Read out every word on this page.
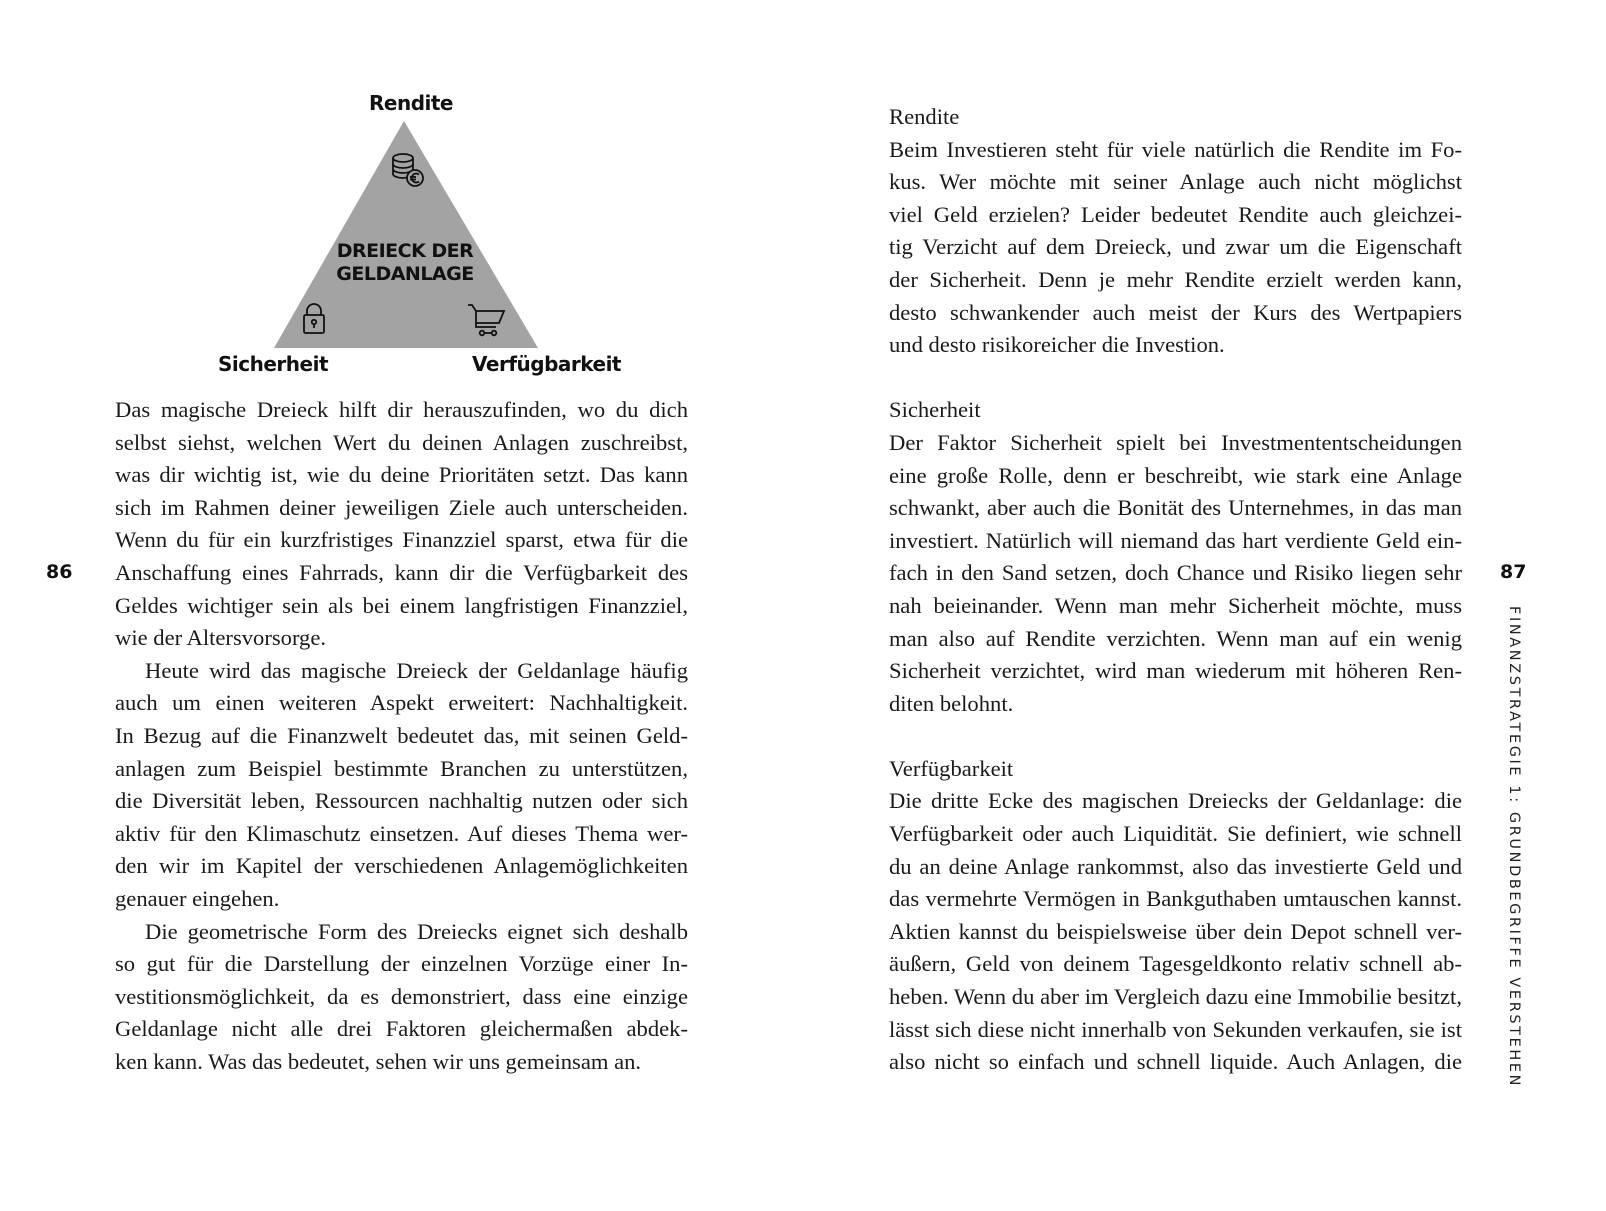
Rendite
DREIECK DER
GELDANLAGE
Sicherheit	Verfügbarkeit

Das magische Dreieck hilft dir herauszufinden, wo du dich
selbst siehst, welchen Wert du deinen Anlagen zuschreibst,
was dir wichtig ist, wie du deine Prioritäten setzt. Das kann
sich im Rahmen deiner jeweiligen Ziele auch unterscheiden.
Wenn du für ein kurzfristiges Finanzziel sparst, etwa für die
Anschaffung eines Fahrrads, kann dir die Verfügbarkeit des
Geldes wichtiger sein als bei einem langfristigen Finanzziel,
wie der Altersvorsorge.

Heute wird das magische Dreieck der Geldanlage häufig
auch um einen weiteren Aspekt erweitert: Nachhaltigkeit.
In Bezug auf die Finanzwelt bedeutet das, mit seinen Geld-
anlagen zum Beispiel bestimmte Branchen zu unterstützen,
die Diversität leben, Ressourcen nachhaltig nutzen oder sich
aktiv für den Klimaschutz einsetzen. Auf dieses Thema wer-
den wir im Kapitel der verschiedenen Anlagemöglichkeiten
genauer eingehen.

Die geometrische Form des Dreiecks eignet sich deshalb
so gut für die Darstellung der einzelnen Vorzüge einer In-
vestitionsmöglichkeit, da es demonstriert, dass eine einzige
Geldanlage nicht alle drei Faktoren gleichermaßen abdek-
ken kann. Was das bedeutet, sehen wir uns gemeinsam an.

86
Rendite
Beim Investieren steht für viele natürlich die Rendite im Fo-
kus. Wer möchte mit seiner Anlage auch nicht möglichst
viel Geld erzielen? Leider bedeutet Rendite auch gleichzei-
tig Verzicht auf dem Dreieck, und zwar um die Eigenschaft
der Sicherheit. Denn je mehr Rendite erzielt werden kann,
desto schwankender auch meist der Kurs des Wertpapiers
und desto risikoreicher die Investion.
Sicherheit
Der Faktor Sicherheit spielt bei Investmententscheidungen
eine große Rolle, denn er beschreibt, wie stark eine Anlage
schwankt, aber auch die Bonität des Unternehmes, in das man
investiert. Natürlich will niemand das hart verdiente Geld ein-
fach in den Sand setzen, doch Chance und Risiko liegen sehr
nah beieinander. Wenn man mehr Sicherheit möchte, muss
man also auf Rendite verzichten. Wenn man auf ein wenig
Sicherheit verzichtet, wird man wiederum mit höheren Ren-
diten belohnt.
Verfügbarkeit
Die dritte Ecke des magischen Dreiecks der Geldanlage: die
Verfügbarkeit oder auch Liquidität. Sie definiert, wie schnell
du an deine Anlage rankommst, also das investierte Geld und
das vermehrte Vermögen in Bankguthaben umtauschen kannst.
Aktien kannst du beispielsweise über dein Depot schnell ver-
äußern, Geld von deinem Tagesgeldkonto relativ schnell ab-
heben. Wenn du aber im Vergleich dazu eine Immobilie besitzt,
lässt sich diese nicht innerhalb von Sekunden verkaufen, sie ist
also nicht so einfach und schnell liquide. Auch Anlagen, die
87
FINANZSTRATEGIE 1: GRUNDBEGRIFFE VERSTEHEN
